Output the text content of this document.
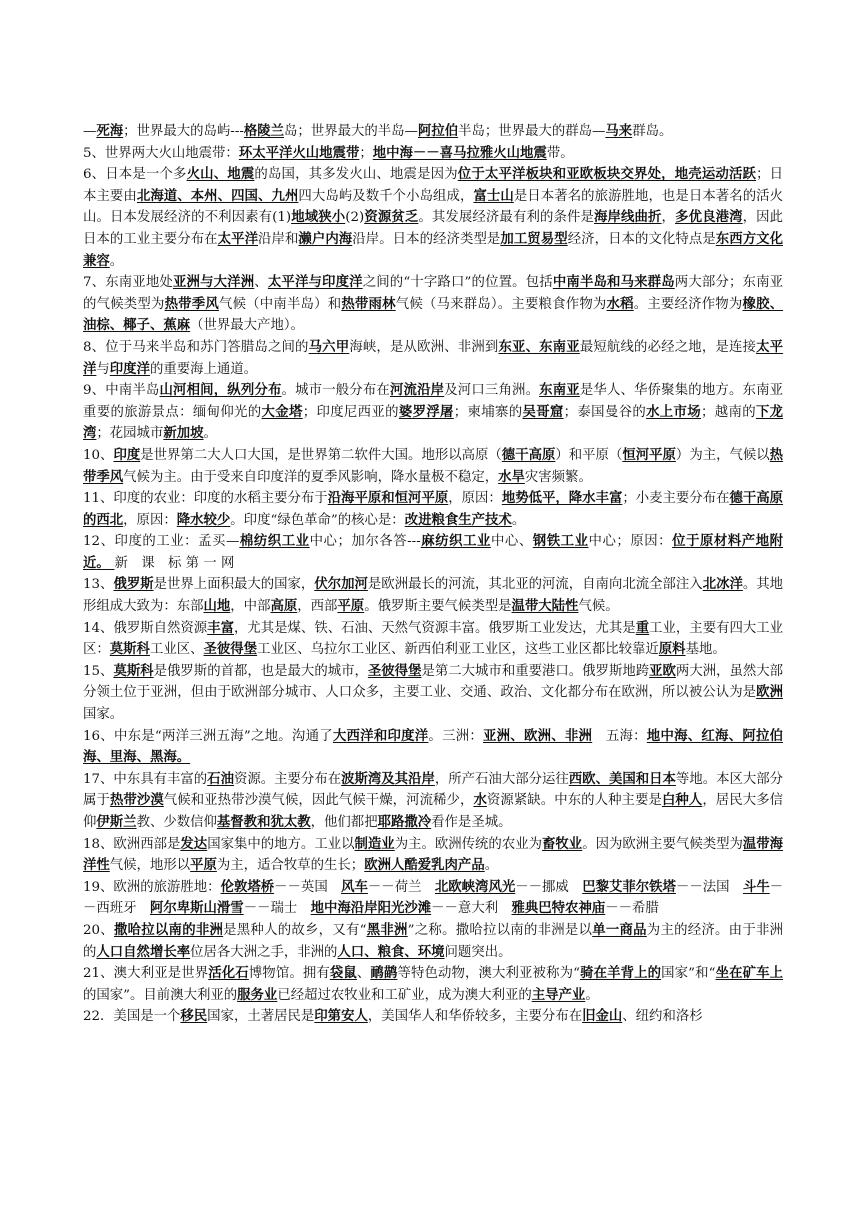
—死海；世界最大的岛屿---格陵兰岛；世界最大的半岛—阿拉伯半岛；世界最大的群岛—马来群岛。

5、世界两大火山地震带：环太平洋火山地震带；地中海－－喜马拉雅火山地震带。

6、日本是一个多火山、地震的岛国，其多发火山、地震是因为位于太平洋板块和亚欧板块交界处，地壳运动活跃；日本主要由北海道、本州、四国、九州四大岛屿及数千个小岛组成，富士山是日本著名的旅游胜地，也是日本著名的活火山。日本发展经济的不利因素有(1)地域狭小(2)资源贫乏。其发展经济最有利的条件是海岸线曲折，多优良港湾，因此日本的工业主要分布在太平洋沿岸和濑户内海沿岸。日本的经济类型是加工贸易型经济，日本的文化特点是东西方文化兼容。

7、东南亚地处亚洲与大洋洲、太平洋与印度洋之间的“十字路口”的位置。包括中南半岛和马来群岛两大部分；东南亚的气候类型为热带季风气候（中南半岛）和热带雨林气候（马来群岛）。主要粮食作物为水稻。主要经济作物为橡胶、油棕、椰子、蕉麻（世界最大产地）。

8、位于马来半岛和苏门答腊岛之间的马六甲海峡，是从欧洲、非洲到东亚、东南亚最短航线的必经之地，是连接太平洋与印度洋的重要海上通道。

9、中南半岛山河相间，纵列分布。城市一般分布在河流沿岸及河口三角洲。东南亚是华人、华侨聚集的地方。东南亚重要的旅游景点：缅甸仰光的大金塔；印度尼西亚的婆罗浮屠；柬埔寨的吴哥窟；泰国曼谷的水上市场；越南的下龙湾；花园城市新加坡。

10、印度是世界第二大人口大国，是世界第二软件大国。地形以高原（德干高原）和平原（恒河平原）为主，气候以热带季风气候为主。由于受来自印度洋的夏季风影响，降水量极不稳定，水旱灾害频繁。

11、印度的农业：印度的水稻主要分布于沿海平原和恒河平原，原因：地势低平，降水丰富；小麦主要分布在德干高原的西北，原因：降水较少。印度“绿色革命”的核心是：改进粮食生产技术。

12、印度的工业：孟买—棉纺织工业中心；加尔各答---麻纺织工业中心、钢铁工业中心；原因：位于原材料产地附近。 新　课　标 第 一 网

13、俄罗斯是世界上面积最大的国家，伏尔加河是欧洲最长的河流，其北亚的河流，自南向北流全部注入北冰洋。其地形组成大致为：东部山地，中部高原，西部平原。俄罗斯主要气候类型是温带大陆性气候。

14、俄罗斯自然资源丰富，尤其是煤、铁、石油、天然气资源丰富。俄罗斯工业发达，尤其是重工业，主要有四大工业区：莫斯科工业区、圣彼得堡工业区、乌拉尔工业区、新西伯利亚工业区，这些工业区都比较靠近原料基地。

15、莫斯科是俄罗斯的首都，也是最大的城市，圣彼得堡是第二大城市和重要港口。俄罗斯地跨亚欧两大洲，虽然大部分领土位于亚洲，但由于欧洲部分城市、人口众多，主要工业、交通、政治、文化都分布在欧洲，所以被公认为是欧洲国家。

16、中东是“两洋三洲五海”之地。沟通了大西洋和印度洋。三洲：亚洲、欧洲、非洲　五海：地中海、红海、阿拉伯海、里海、黑海。

17、中东具有丰富的石油资源。主要分布在波斯湾及其沿岸，所产石油大部分运往西欧、美国和日本等地。本区大部分属于热带沙漠气候和亚热带沙漠气候，因此气候干燥，河流稀少，水资源紧缺。中东的人种主要是白种人，居民大多信仰伊斯兰教、少数信仰基督教和犹太教，他们都把耶路撒冷看作是圣城。

18、欧洲西部是发达国家集中的地方。工业以制造业为主。欧洲传统的农业为畜牧业。因为欧洲主要气候类型为温带海洋性气候，地形以平原为主，适合牧草的生长；欧洲人酷爱乳肉产品。

19、欧洲的旅游胜地：伦敦塔桥－－英国　风车－－荷兰　北欧峡湾风光－－挪威　巴黎艾菲尔铁塔－－法国　斗牛－－西班牙　阿尔卑斯山滑雪－－瑞士　地中海沿岸阳光沙滩－－意大利　雅典巴特农神庙－－希腊

20、撒哈拉以南的非洲是黑种人的故乡，又有“黑非洲”之称。撒哈拉以南的非洲是以单一商品为主的经济。由于非洲的人口自然增长率位居各大洲之手，非洲的人口、粮食、环境问题突出。

21、澳大利亚是世界活化石博物馆。拥有袋鼠、鸸鹋等特色动物，澳大利亚被称为“骑在羊背上的国家”和“坐在矿车上的国家”。目前澳大利亚的服务业已经超过农牧业和工矿业，成为澳大利亚的主导产业。

22．美国是一个移民国家，土著居民是印第安人，美国华人和华侨较多，主要分布在旧金山、纽约和洛杉
